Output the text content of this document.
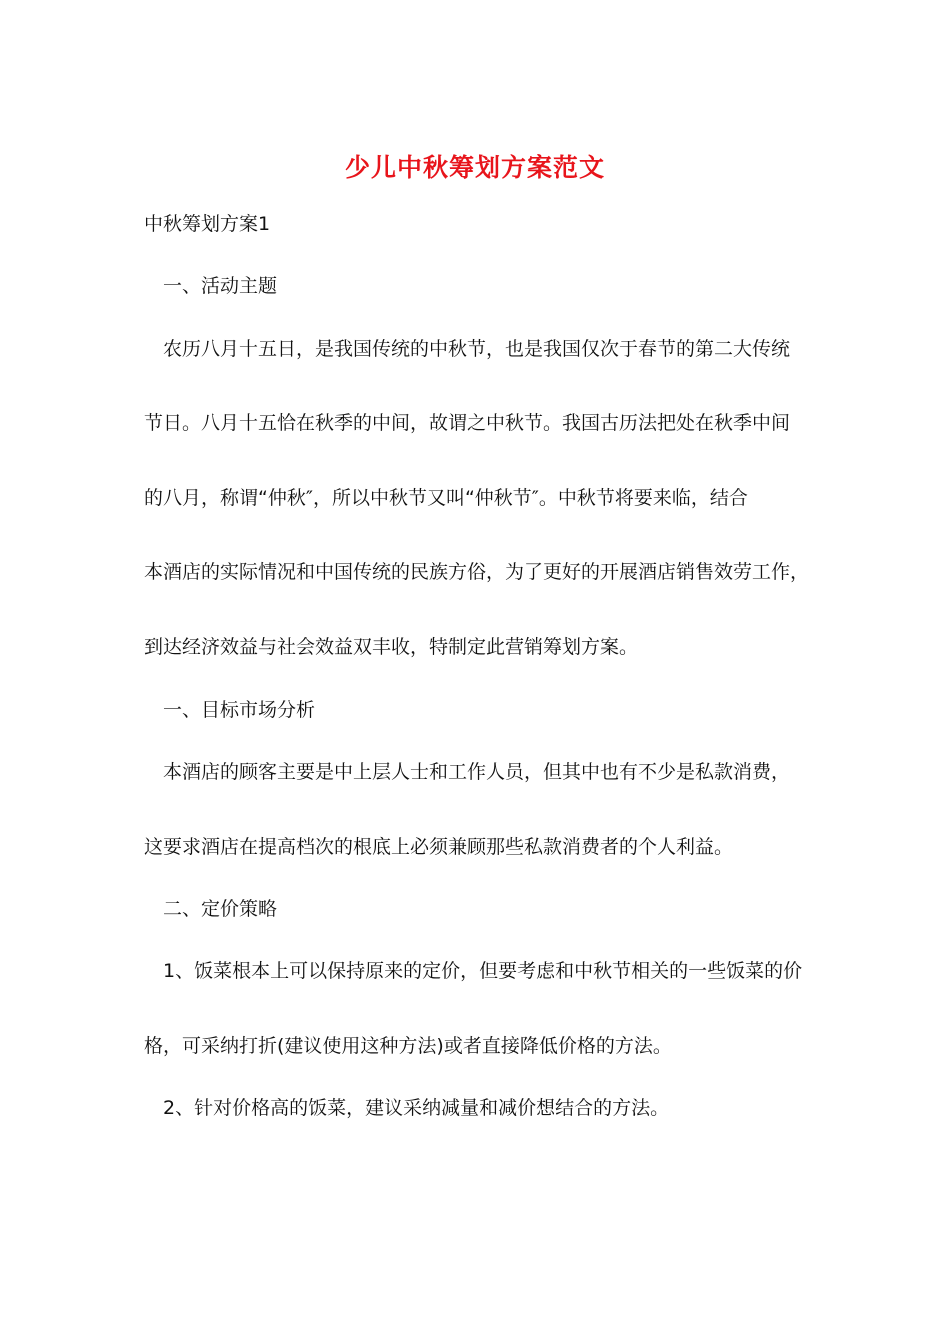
少儿中秋筹划方案范文
中秋筹划方案1
一、活动主题
农历八月十五日，是我国传统的中秋节，也是我国仅次于春节的第二大传统
节日。八月十五恰在秋季的中间，故谓之中秋节。我国古历法把处在秋季中间
的八月，称谓“仲秋″，所以中秋节又叫“仲秋节″。中秋节将要来临，结合
本酒店的实际情况和中国传统的民族方俗，为了更好的开展酒店销售效劳工作，
到达经济效益与社会效益双丰收，特制定此营销筹划方案。
一、目标市场分析
本酒店的顾客主要是中上层人士和工作人员，但其中也有不少是私款消费，
这要求酒店在提高档次的根底上必须兼顾那些私款消费者的个人利益。
二、定价策略
1、饭菜根本上可以保持原来的定价，但要考虑和中秋节相关的一些饭菜的价
格，可采纳打折(建议使用这种方法)或者直接降低价格的方法。
2、针对价格高的饭菜，建议采纳减量和减价想结合的方法。
